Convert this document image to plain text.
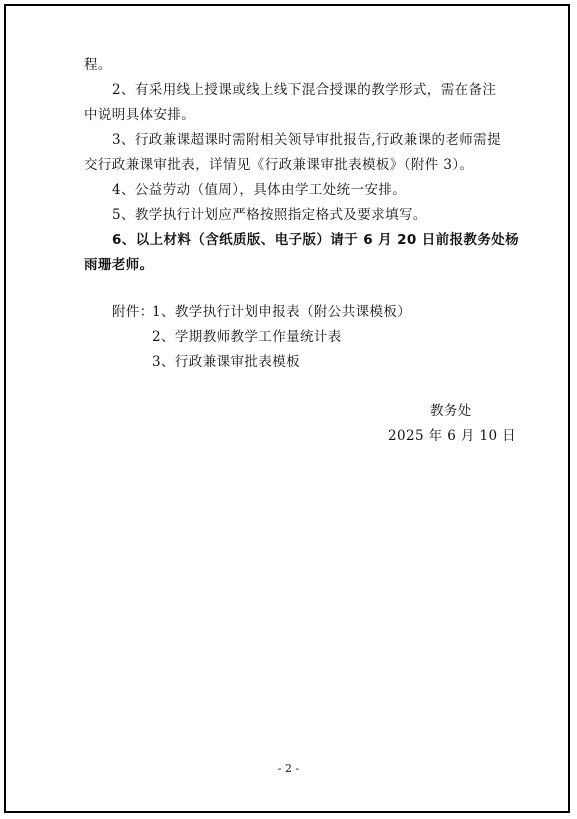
程。
2、有采用线上授课或线上线下混合授课的教学形式，需在备注
中说明具体安排。
3、行政兼课超课时需附相关领导审批报告,行政兼课的老师需提
交行政兼课审批表，详情见《行政兼课审批表模板》（附件 3）。
4、公益劳动（值周），具体由学工处统一安排。
5、教学执行计划应严格按照指定格式及要求填写。
6、以上材料（含纸质版、电子版）请于 6 月 20 日前报教务处杨
雨珊老师。
附件：
1、教学执行计划申报表（附公共课模板）
2、学期教师教学工作量统计表
3、行政兼课审批表模板
教务处
2025 年 6 月 10 日
- 2 -
